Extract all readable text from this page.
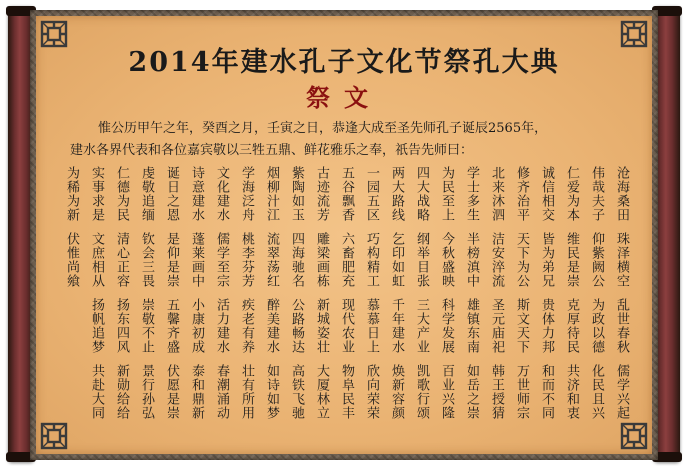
2014年建水孔子文化节祭孔大典
祭文

惟公历甲午之年，癸酉之月，壬寅之日，恭逢大成至圣先师孔子诞辰2565年，

建水各界代表和各位嘉宾敬以三牲五鼎、鲜花雅乐之奉，祇告先师曰：

沧海桑田
珠泽横空
乱世春秋
儒学兴起
伟哉夫子
仰紫阙公
为政以德
化民且兴
仁爱为本
维民是崇
克厚待民
共济和衷
诚信相交
皆为弟兄
贵体力邦
和而不同
修齐治平
天下为公
斯文天下
万世师宗
北来沐泗
洁安淬流
圣元庙祀
韩王授猜
学士多生
半榜滇中
雄镇东南
如岳之崇
为民至上
今秋盛映
科学发展
百业兴隆
四大战略
纲举目张
三大产业
凯歌行颂
两大路线
乞印如虹
千年建水
焕新容颜
一园五区
巧构精工
慕慕日上
欣向荣荣
五谷飘香
六畜肥充
现代农业
物阜民丰
古迹流芳
雕梁画栋
新城姿壮
大厦林立
紫陶如玉
四海驰名
公路畅达
高铁飞驰
烟柳汁江
流翠荡红
醉美建水
如诗如梦
学海泛舟
桃李芬芳
疾老有养
壮有所用
文化建水
儒学至宗
活力建水
春潮涌动
诗意建水
蓬莱画中
小康初成
泰和鼎新
诞日之恩
是仰是崇
五馨齐盛
伏愿是崇
虔敬追缅
钦会三畏
崇敬不止
景行孙弘
仁德为民
清心正容
扬东四风
新勋给给
实事求是
文庶相从
扬帆追梦
共赴大同
为稀为新
伏惟尚飨
